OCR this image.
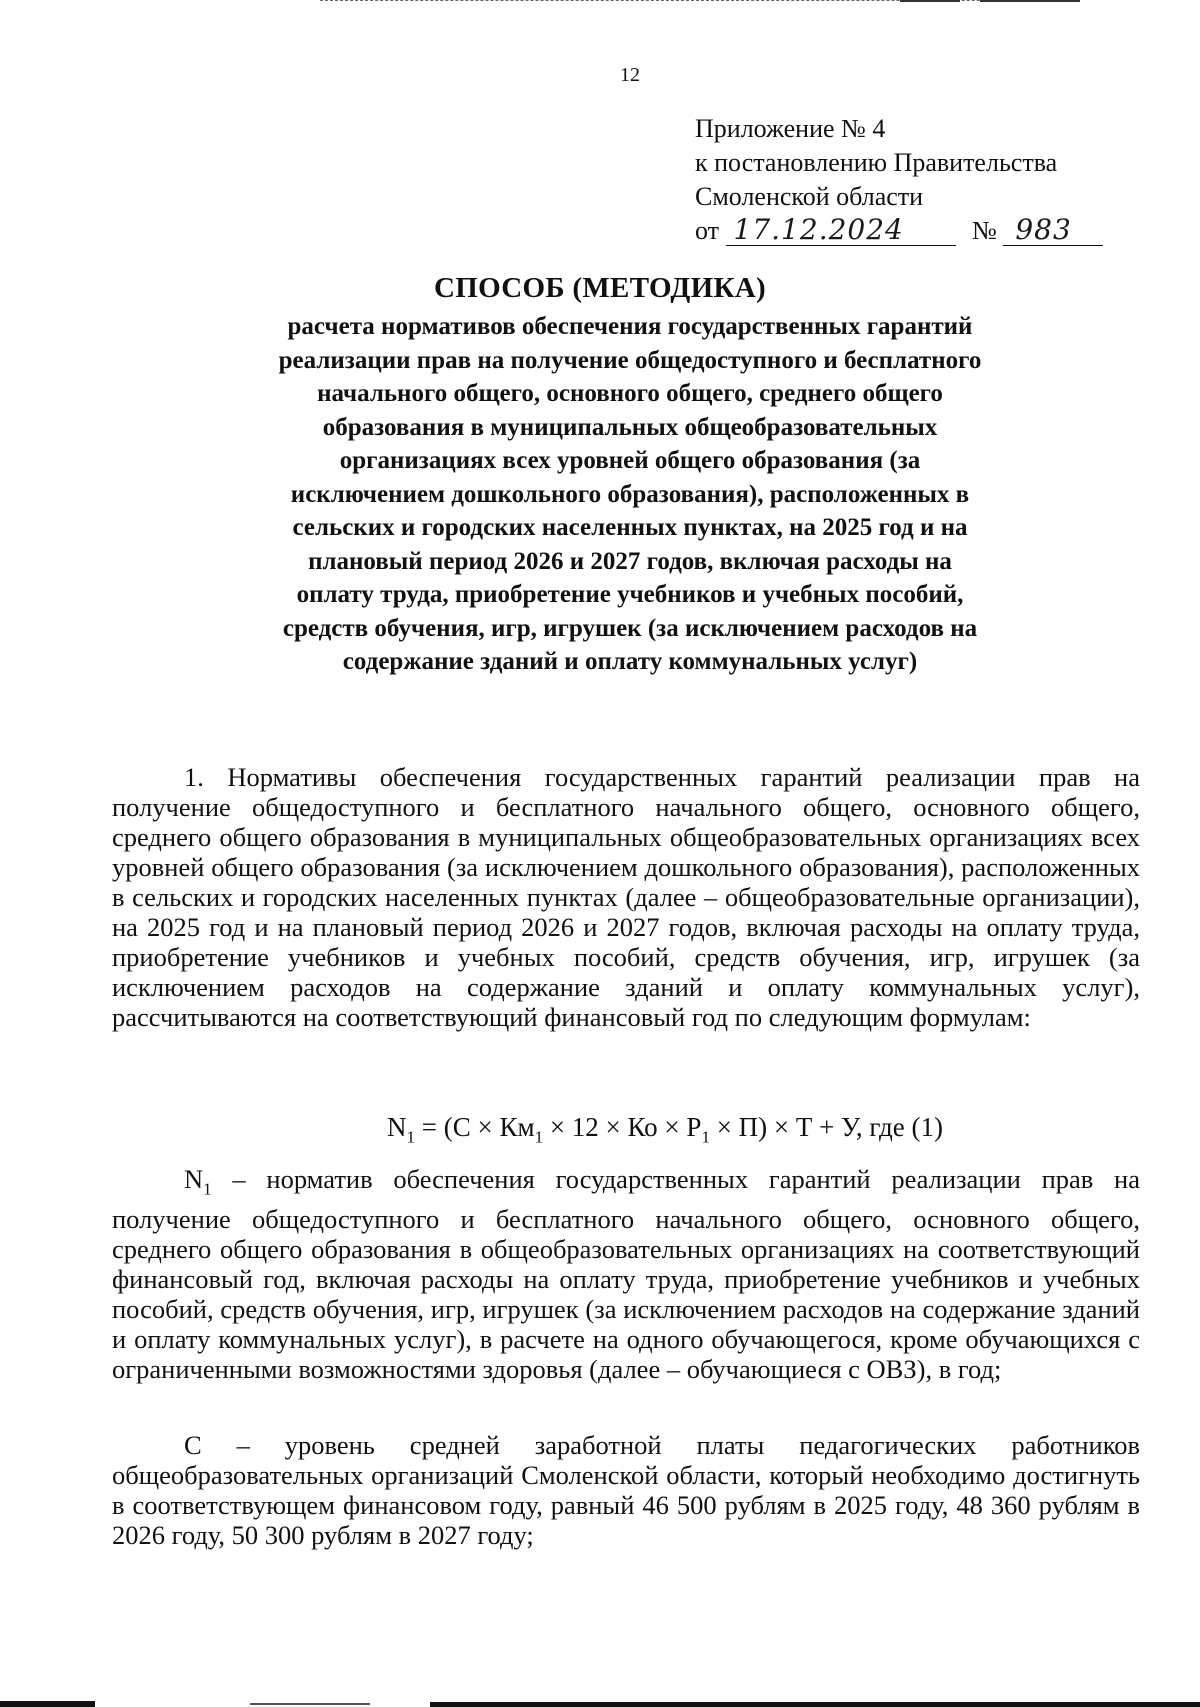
12
Приложение № 4
к постановлению Правительства
Смоленской области
от 17.12.2024	№ 983
СПОСОБ (МЕТОДИКА)
расчета нормативов обеспечения государственных гарантий реализации прав на получение общедоступного и бесплатного начального общего, основного общего, среднего общего образования в муниципальных общеобразовательных организациях всех уровней общего образования (за исключением дошкольного образования), расположенных в сельских и городских населенных пунктах, на 2025 год и на плановый период 2026 и 2027 годов, включая расходы на оплату труда, приобретение учебников и учебных пособий, средств обучения, игр, игрушек (за исключением расходов на содержание зданий и оплату коммунальных услуг)
1. Нормативы обеспечения государственных гарантий реализации прав на получение общедоступного и бесплатного начального общего, основного общего, среднего общего образования в муниципальных общеобразовательных организациях всех уровней общего образования (за исключением дошкольного образования), расположенных в сельских и городских населенных пунктах (далее – общеобразовательные организации), на 2025 год и на плановый период 2026 и 2027 годов, включая расходы на оплату труда, приобретение учебников и учебных пособий, средств обучения, игр, игрушек (за исключением расходов на содержание зданий и оплату коммунальных услуг), рассчитываются на соответствующий финансовый год по следующим формулам:
$N_1 = (С \times Км_1 \times 12$ × Ко × $Р_1 \times П) \times Т + У$, где (1)
$N_1$ – норматив обеспечения государственных гарантий реализации прав на получение общедоступного и бесплатного начального общего, основного общего, среднего общего образования в общеобразовательных организациях на соответствующий финансовый год, включая расходы на оплату труда, приобретение учебников и учебных пособий, средств обучения, игр, игрушек (за исключением расходов на содержание зданий и оплату коммунальных услуг), в расчете на одного обучающегося, кроме обучающихся с ограниченными возможностями здоровья (далее – обучающиеся с ОВЗ), в год;
С – уровень средней заработной платы педагогических работников общеобразовательных организаций Смоленской области, который необходимо достигнуть в соответствующем финансовом году, равный 46 500 рублям в 2025 году, 48 360 рублям в 2026 году, 50 300 рублям в 2027 году;
